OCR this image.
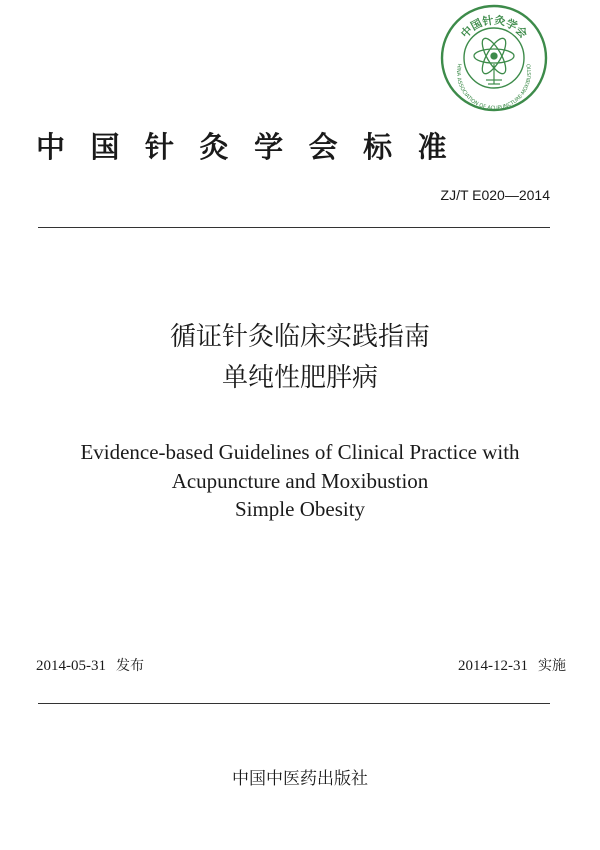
中国针灸学会
HINA ASSOCIATION OF ACUPUNCTURE-MOXIBUSTIO
中国针灸学会标准
ZJ/T E020—2014
循证针灸临床实践指南
单纯性肥胖病
Evidence-based Guidelines of Clinical Practice with
Acupuncture and Moxibustion
Simple Obesity
2014-05-31 发布	2014-12-31 实施
中国中医药出版社
